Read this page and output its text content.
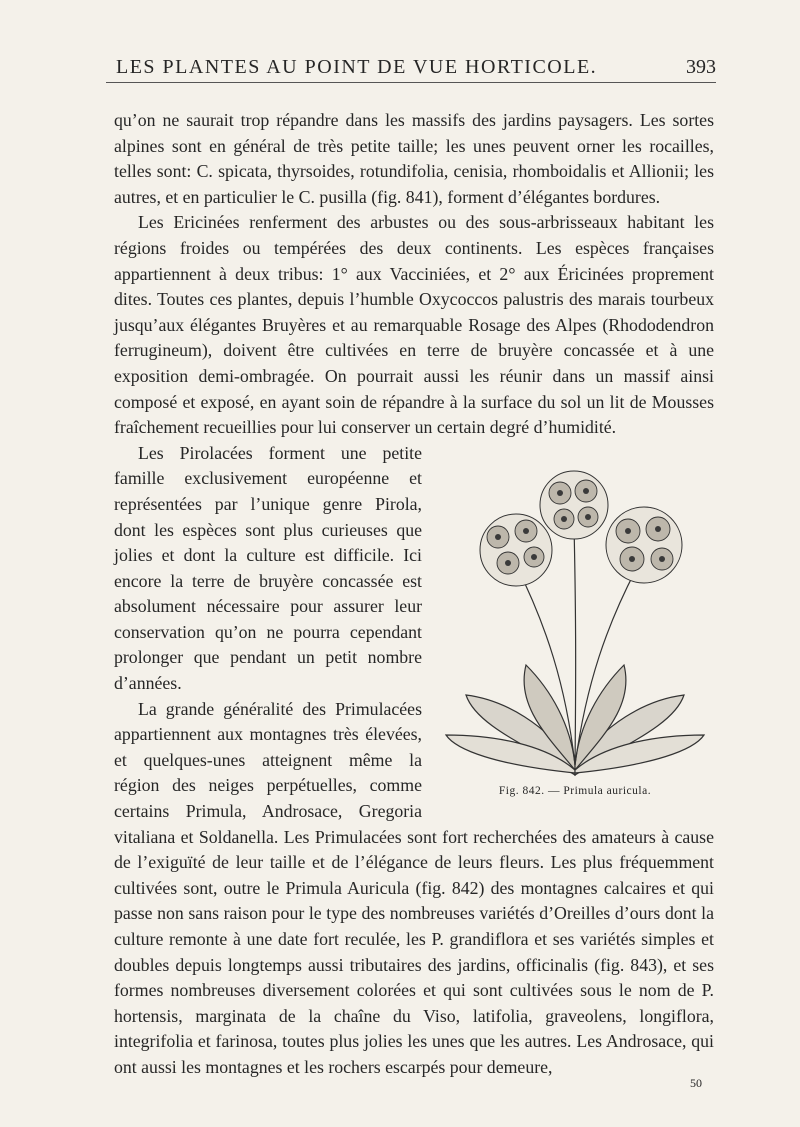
LES PLANTES AU POINT DE VUE HORTICOLE.	393

qu’on ne saurait trop répandre dans les massifs des jardins paysagers. Les sortes alpines sont en général de très petite taille; les unes peuvent orner les rocailles, telles sont: C. spicata, thyrsoides, rotundifolia, cenisia, rhomboidalis et Allionii; les autres, et en particulier le C. pusilla (fig. 841), forment d’élégantes bordures.

Les Ericinées renferment des arbustes ou des sous-arbrisseaux habitant les régions froides ou tempérées des deux continents. Les espèces françaises appartiennent à deux tribus: 1° aux Vacciniées, et 2° aux Éricinées proprement dites. Toutes ces plantes, depuis l’humble Oxycoccos palustris des marais tourbeux jusqu’aux élégantes Bruyères et au remarquable Rosage des Alpes (Rhododendron ferrugineum), doivent être cultivées en terre de bruyère concassée et à une exposition demi-ombragée. On pourrait aussi les réunir dans un massif ainsi composé et exposé, en ayant soin de répandre à la surface du sol un lit de Mousses fraîchement recueillies pour lui conserver un certain degré d’humidité.

Fig. 842. — Primula auricula.

Les Pirolacées forment une petite famille exclusivement européenne et représentées par l’unique genre Pirola, dont les espèces sont plus curieuses que jolies et dont la culture est difficile. Ici encore la terre de bruyère concassée est absolument nécessaire pour assurer leur conservation qu’on ne pourra cependant prolonger que pendant un petit nombre d’années.

La grande généralité des Primulacées appartiennent aux montagnes très élevées, et quelques-unes atteignent même la région des neiges perpétuelles, comme certains Primula, Androsace, Gregoria vitaliana et Soldanella. Les Primulacées sont fort recherchées des amateurs à cause de l’exiguïté de leur taille et de l’élégance de leurs fleurs. Les plus fréquemment cultivées sont, outre le Primula Auricula (fig. 842) des montagnes calcaires et qui passe non sans raison pour le type des nombreuses variétés d’Oreilles d’ours dont la culture remonte à une date fort reculée, les P. grandiflora et ses variétés simples et doubles depuis longtemps aussi tributaires des jardins, officinalis (fig. 843), et ses formes nombreuses diversement colorées et qui sont cultivées sous le nom de P. hortensis, marginata de la chaîne du Viso, latifolia, graveolens, longiflora, integrifolia et farinosa, toutes plus jolies les unes que les autres. Les Androsace, qui ont aussi les montagnes et les rochers escarpés pour demeure,

50
